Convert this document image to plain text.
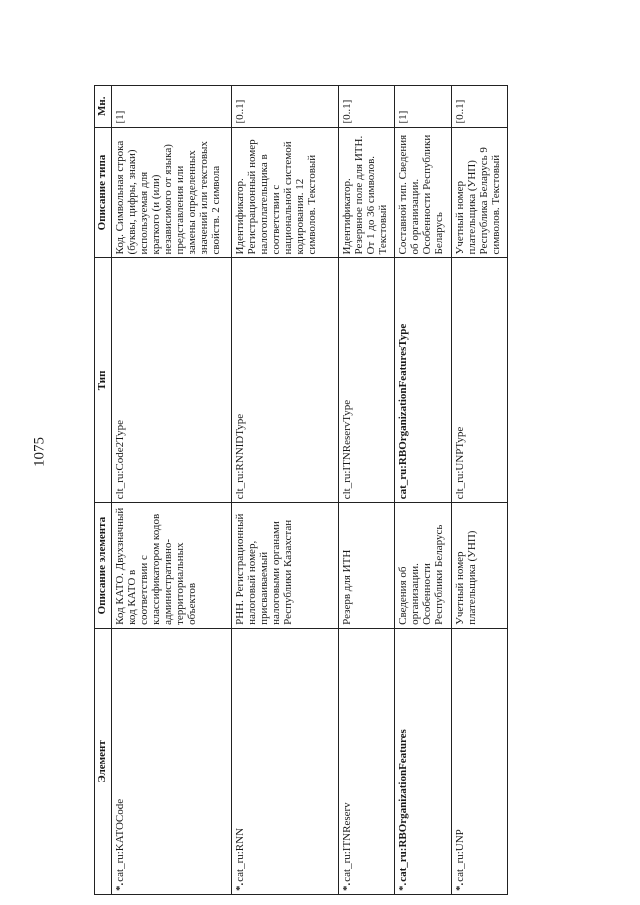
1075
Элемент	Описание элемента	Тип	Описание типа	Мн.
*.cat_ru:KATOCode	Код КАТО. Двухзначный код КАТО в соответствии с классификатором кодов административно-территориальных объектов	clt_ru:Code2Type	Код. Символьная строка (буквы, цифры, знаки) используемая для краткого (и (или) независимого от языка) представления или замены определенных значений или текстовых свойств. 2 символа	[1]
*.cat_ru:RNN	РНН. Регистрационный налоговый номер, присваиваемый налоговыми органами Республики Казахстан	clt_ru:RNNIDType	Идентификатор. Регистрационный номер налогоплательщика в соответствии с национальной системой кодирования. 12 символов. Текстовый	[0..1]
*.cat_ru:ITNReserv	Резерв для ИТН	clt_ru:ITNReservType	Идентификатор. Резервное поле для ИТН. От 1 до 36 символов. Текстовый	[0..1]
*.cat_ru:RBOrganizationFeatures	Сведения об организации. Особенности Республики Беларусь	cat_ru:RBOrganizationFeaturesType	Составной тип. Сведения об организации. Особенности Республики Беларусь	[1]
*.cat_ru:UNP	Учетный номер плательщика (УНП)	clt_ru:UNPType	Учетный номер плательщика (УНП) Республика Беларусь 9 символов. Текстовый	[0..1]
